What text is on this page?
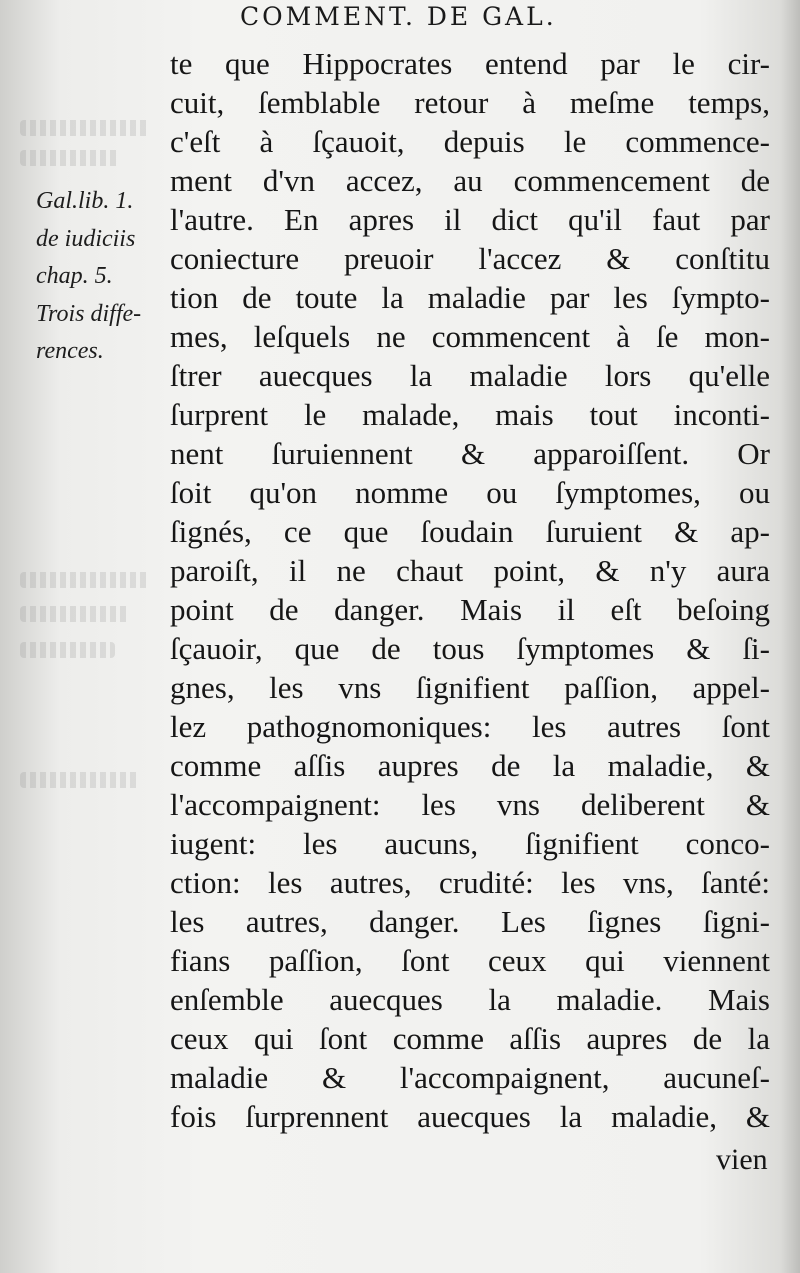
COMMENT. DE GAL.
Gal.lib. 1.
de iudiciis
chap. 5.
Trois diffe-
rences.
te que Hippocrates entend par le cir-
cuit, ſemblable retour à meſme temps,
c'eſt à ſçauoit, depuis le commence-
ment d'vn accez, au commencement de
l'autre. En apres il dict qu'il faut par
coniecture preuoir l'accez & conſtitu
tion de toute la maladie par les ſympto-
mes, leſquels ne commencent à ſe mon-
ſtrer auecques la maladie lors qu'elle
ſurprent le malade, mais tout inconti-
nent ſuruiennent & apparoiſſent. Or
ſoit qu'on nomme ou ſymptomes, ou
ſignés, ce que ſoudain ſuruient & ap-
paroiſt, il ne chaut point, & n'y aura
point de danger. Mais il eſt beſoing
ſçauoir, que de tous ſymptomes & ſi-
gnes, les vns ſignifient paſſion, appel-
lez pathognomoniques: les autres ſont
comme aſſis aupres de la maladie, &
l'accompaignent: les vns deliberent &
iugent: les aucuns, ſignifient conco-
ction: les autres, crudité: les vns, ſanté:
les autres, danger. Les ſignes ſigni-
fians paſſion, ſont ceux qui viennent
enſemble auecques la maladie. Mais
ceux qui ſont comme aſſis aupres de la
maladie & l'accompaignent, aucuneſ-
fois ſurprennent auecques la maladie, &
vien
